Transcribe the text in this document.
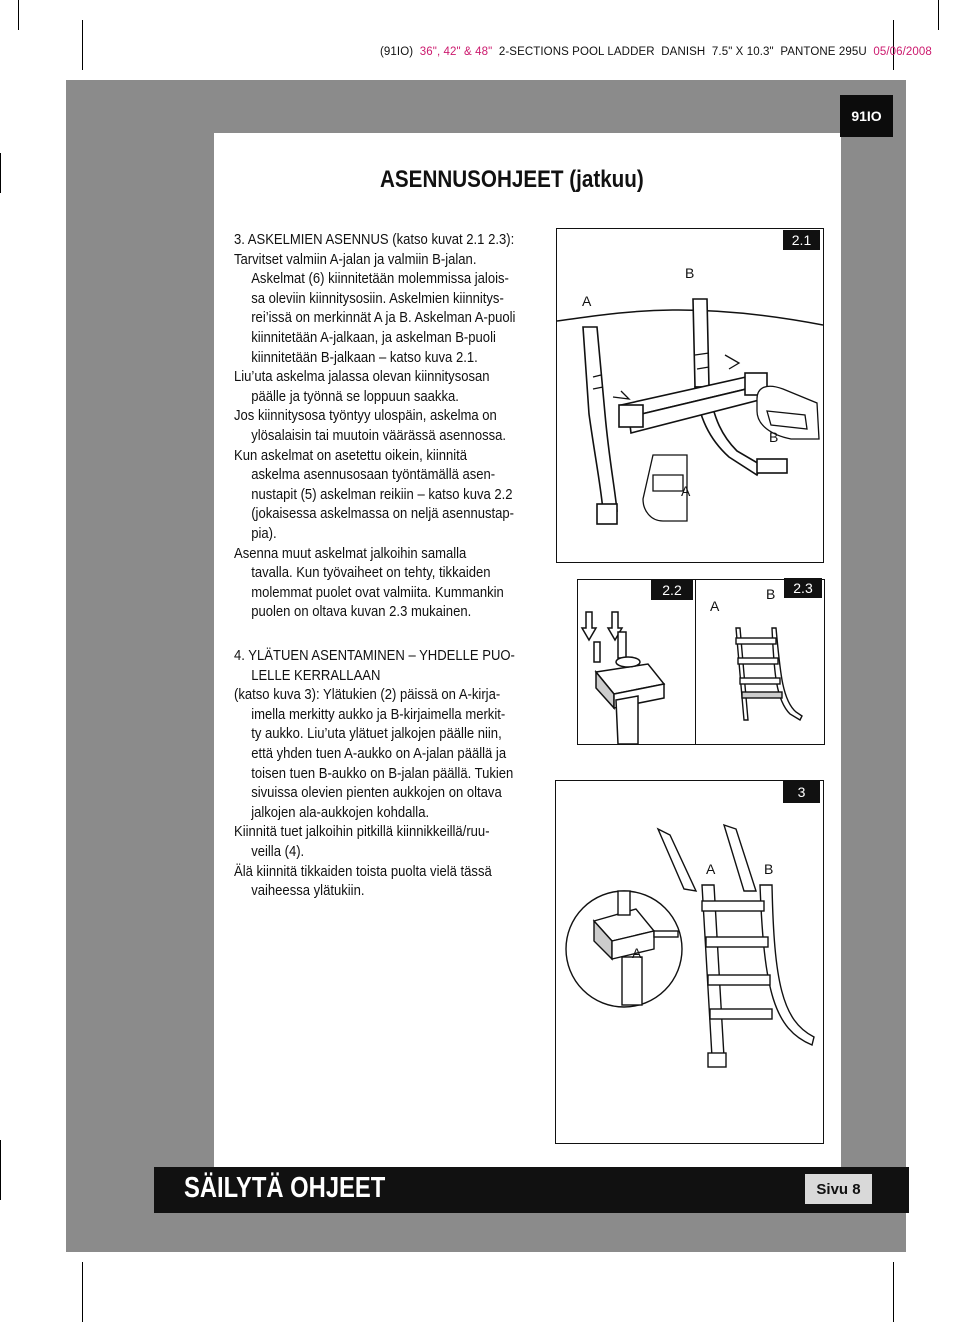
(91IO) 36", 42" & 48" 2-SECTIONS POOL LADDER DANISH 7.5" X 10.3" PANTONE 295U 05/06/2008
91IO
ASENNUSOHJEET (jatkuu)

3. ASKELMIEN ASENNUS (katso kuvat 2.1 2.3):

Tarvitset valmiin A-jalan ja valmiin B-jalan.

Askelmat (6) kiinnitetään molemmissa jalois-

sa oleviin kiinnitysosiin. Askelmien kiinnitys-

rei’issä on merkinnät A ja B. Askelman A-puoli

kiinnitetään A-jalkaan, ja askelman B-puoli

kiinnitetään B-jalkaan – katso kuva 2.1.

Liu’uta askelma jalassa olevan kiinnitysosan

päälle ja työnnä se loppuun saakka.

Jos kiinnitysosa työntyy ulospäin, askelma on

ylösalaisin tai muutoin väärässä asennossa.

Kun askelmat on asetettu oikein, kiinnitä

askelma asennusosaan työntämällä asen-

nustapit (5) askelman reikiin – katso kuva 2.2

(jokaisessa askelmassa on neljä asennustap-

pia).

Asenna muut askelmat jalkoihin samalla

tavalla. Kun työvaiheet on tehty, tikkaiden

molemmat puolet ovat valmiita. Kummankin

puolen on oltava kuvan 2.3 mukainen.

4. YLÄTUEN ASENTAMINEN – YHDELLE PUO-

LELLE KERRALLAAN

(katso kuva 3): Ylätukien (2) päissä on A-kirja-

imella merkitty aukko ja B-kirjaimella merkit-

ty aukko. Liu’uta ylätuet jalkojen päälle niin,

että yhden tuen A-aukko on A-jalan päällä ja

toisen tuen B-aukko on B-jalan päällä. Tukien

sivuissa olevien pienten aukkojen on oltava

jalkojen ala-aukkojen kohdalla.

Kiinnitä tuet jalkoihin pitkillä kiinnikkeillä/ruu-

veilla (4).

Älä kiinnitä tikkaiden toista puolta vielä tässä

vaiheessa ylätukiin.

A
B
A
B
2.1
2.2
A
B	2.3
A	B
A
3
SÄILYTÄ OHJEET	Sivu 8
